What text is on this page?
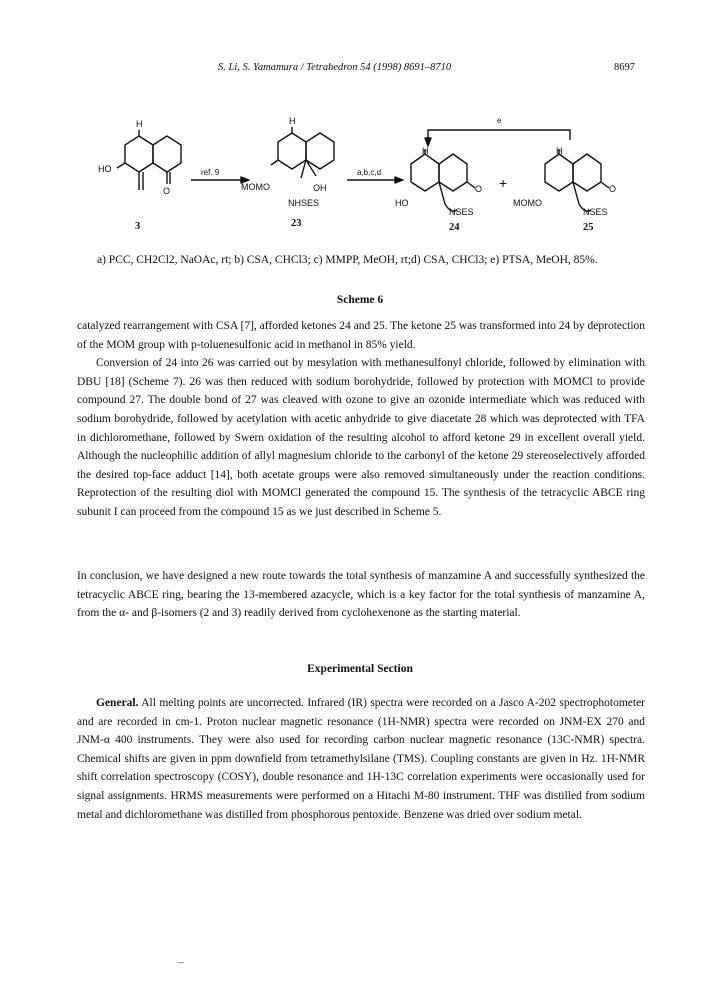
S. Li, S. Yamamura / Tetrahedron 54 (1998) 8691–8710	8697
H
HO
O
3
ref. 9
H
MOMO	OH
NHSES
23
a,b,c,d
H
HO
O
NSES
24
+
H
MOMO
O
NSES
25
e
a) PCC, CH2Cl2, NaOAc, rt; b) CSA, CHCl3; c) MMPP, MeOH, rt;d) CSA, CHCl3; e) PTSA, MeOH, 85%.
Scheme 6

catalyzed rearrangement with CSA [7], afforded ketones 24 and 25. The ketone 25 was transformed into 24 by deprotection of the MOM group with p-toluenesulfonic acid in methanol in 85% yield.

Conversion of 24 into 26 was carried out by mesylation with methanesulfonyl chloride, followed by elimination with DBU [18] (Scheme 7). 26 was then reduced with sodium borohydride, followed by protection with MOMCl to provide compound 27. The double bond of 27 was cleaved with ozone to give an ozonide intermediate which was reduced with sodium borohydride, followed by acetylation with acetic anhydride to give diacetate 28 which was deprotected with TFA in dichloromethane, followed by Swern oxidation of the resulting alcohol to afford ketone 29 in excellent overall yield. Although the nucleophilic addition of allyl magnesium chloride to the carbonyl of the ketone 29 stereoselectively afforded the desired top-face adduct [14], both acetate groups were also removed simultaneously under the reaction conditions. Reprotection of the resulting diol with MOMCl generated the compound 15. The synthesis of the tetracyclic ABCE ring subunit I can proceed from the compound 15 as we just described in Scheme 5.

In conclusion, we have designed a new route towards the total synthesis of manzamine A and successfully synthesized the tetracyclic ABCE ring, bearing the 13-membered azacycle, which is a key factor for the total synthesis of manzamine A, from the α- and β-isomers (2 and 3) readily derived from cyclohexenone as the starting material.

Experimental Section

General. All melting points are uncorrected. Infrared (IR) spectra were recorded on a Jasco A-202 spectrophotometer and are recorded in cm-1. Proton nuclear magnetic resonance (1H-NMR) spectra were recorded on JNM-EX 270 and JNM-α 400 instruments. They were also used for recording carbon nuclear magnetic resonance (13C-NMR) spectra. Chemical shifts are given in ppm downfield from tetramethylsilane (TMS). Coupling constants are given in Hz. 1H-NMR shift correlation spectroscopy (COSY), double resonance and 1H-13C correlation experiments were occasionally used for signal assignments. HRMS measurements were performed on a Hitachi M-80 instrument. THF was distilled from sodium metal and dichloromethane was distilled from phosphorous pentoxide. Benzene was dried over sodium metal.
